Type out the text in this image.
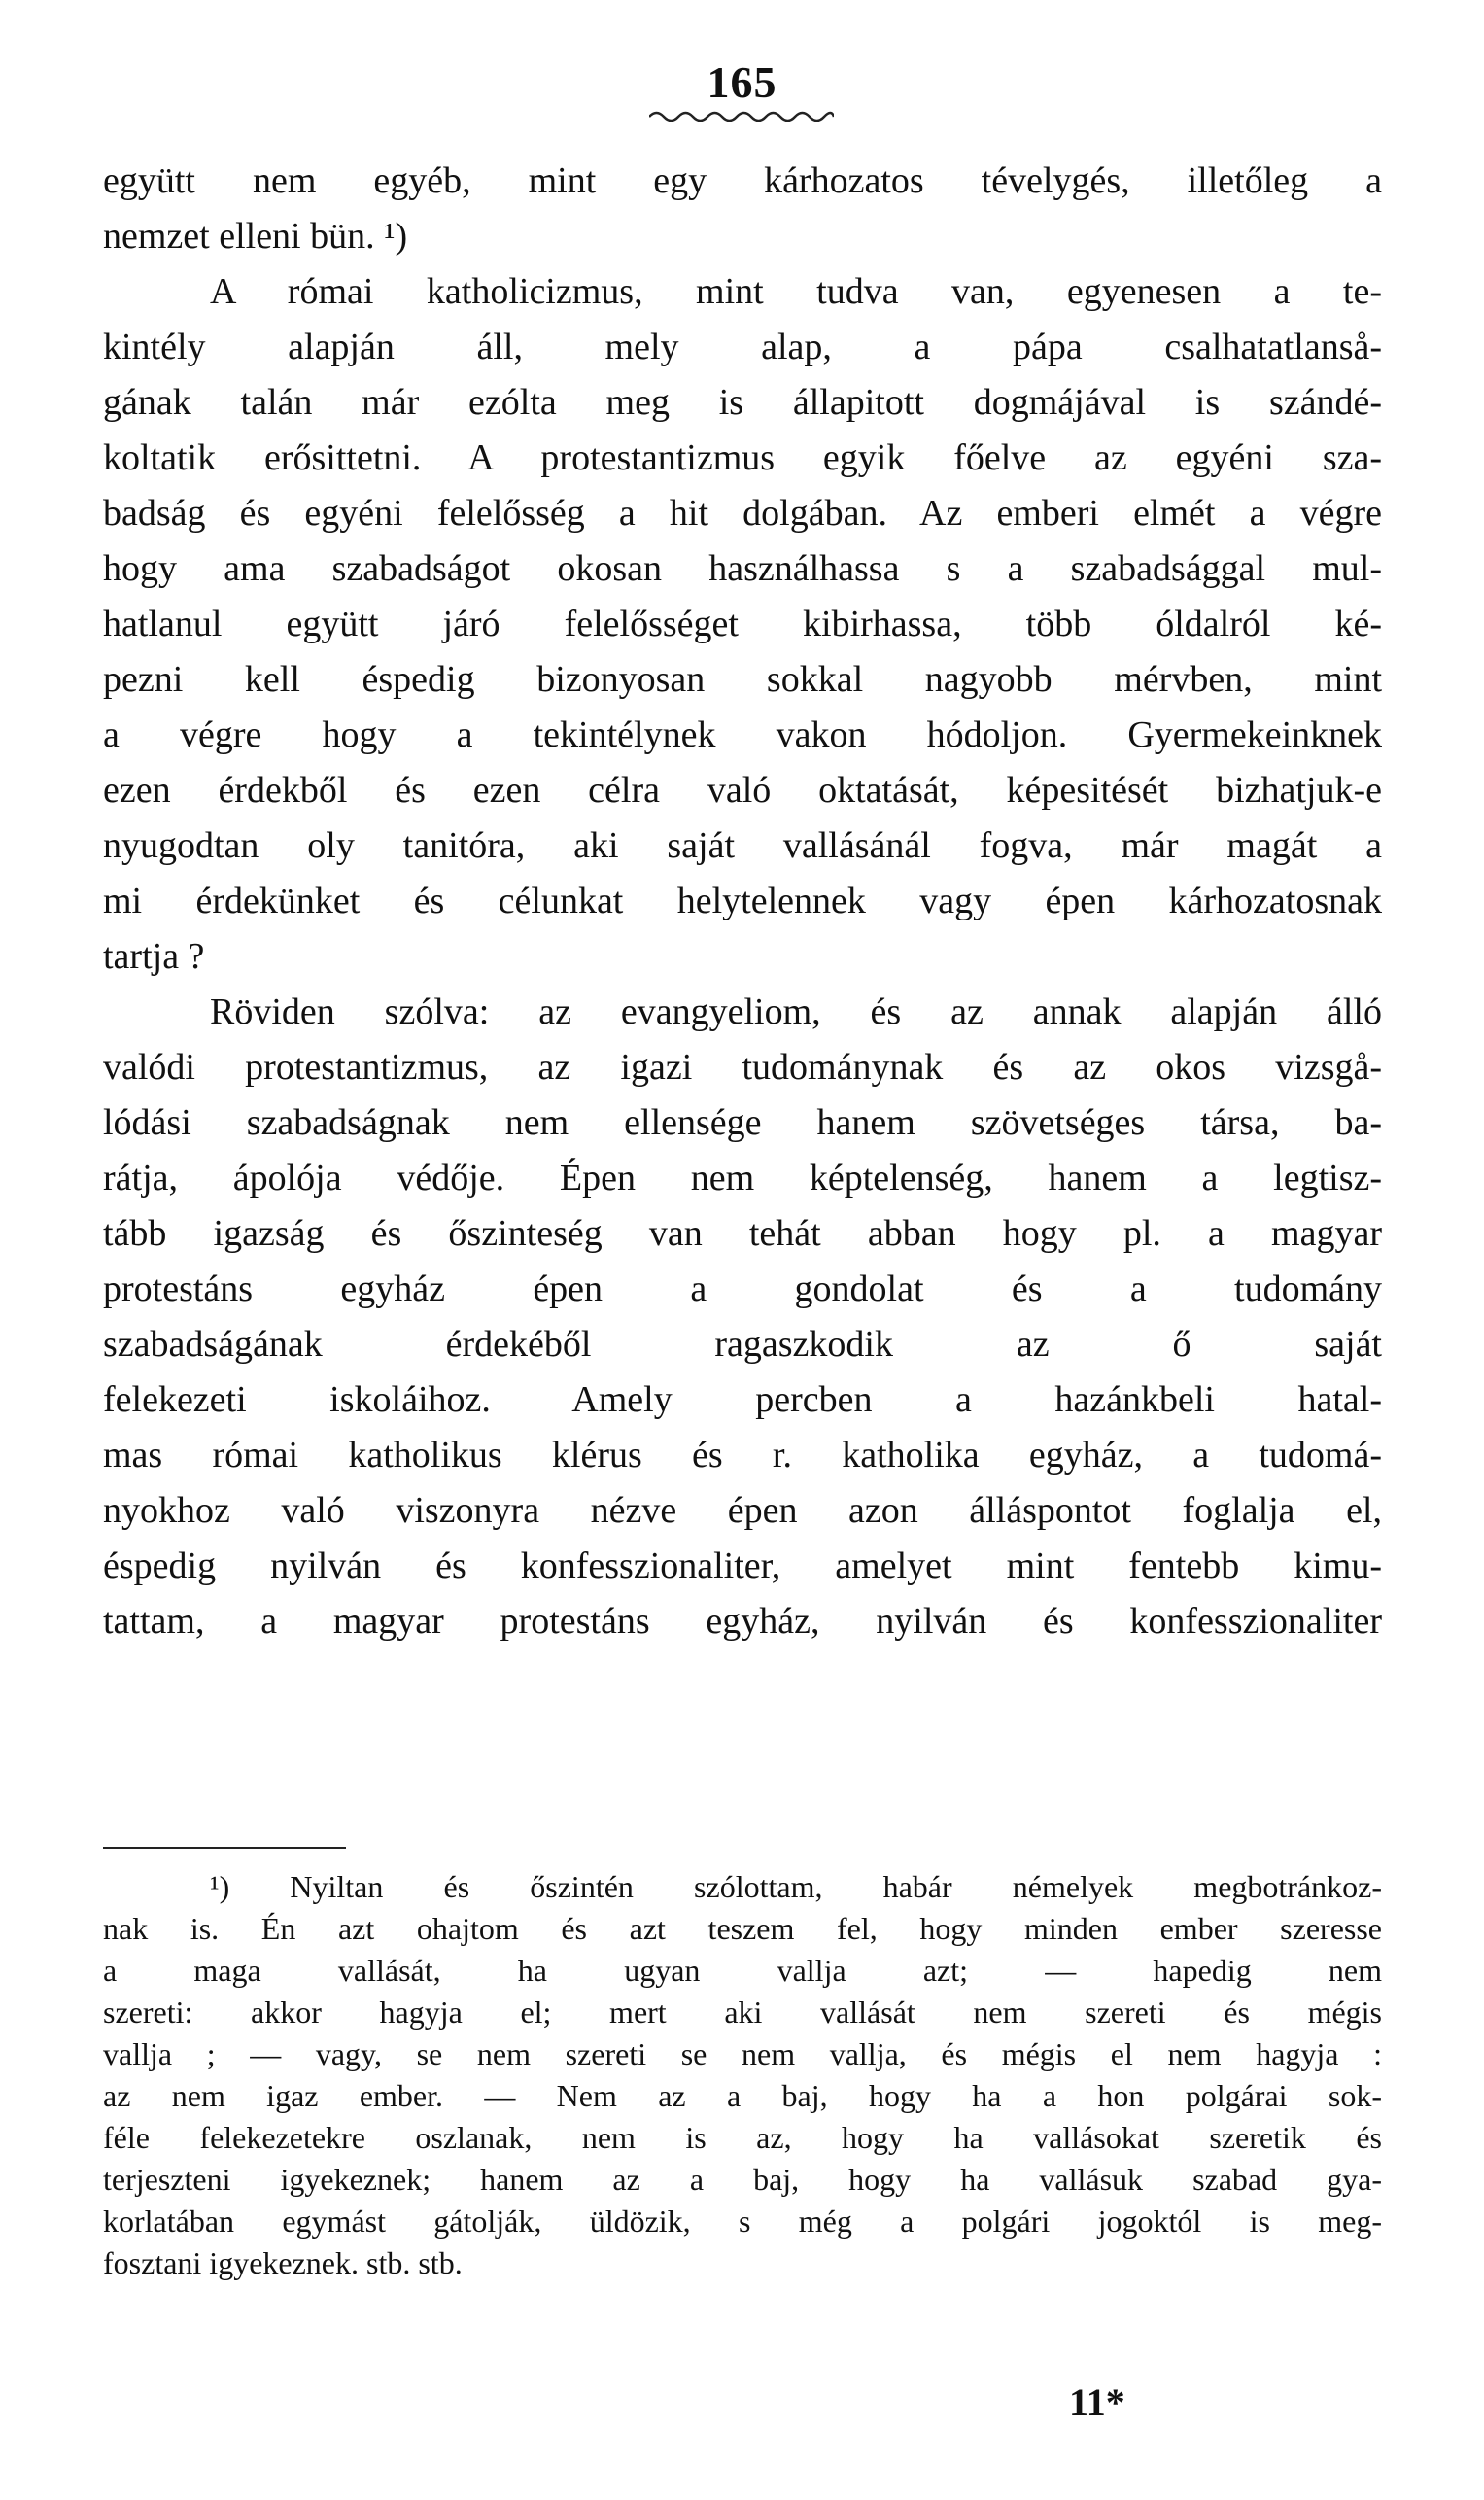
165
együtt nem egyéb, mint egy kárhozatos tévelygés, illetőleg a
nemzet elleni bün. ¹)
A római katholicizmus, mint tudva van, egyenesen a te-
kintély alapján áll, mely alap, a pápa csalhatatlanså-
gának talán már ezólta meg is állapitott dogmájával is szándé-
koltatik erősittetni. A protestantizmus egyik főelve az egyéni sza-
badság és egyéni felelősség a hit dolgában. Az emberi elmét a végre
hogy ama szabadságot okosan használhassa s a szabadsággal mul-
hatlanul együtt járó felelősséget kibirhassa, több óldalról ké-
pezni kell éspedig bizonyosan sokkal nagyobb mérvben, mint
a végre hogy a tekintélynek vakon hódoljon. Gyermekeinknek
ezen érdekből és ezen célra való oktatását, képesitését bizhatjuk-e
nyugodtan oly tanitóra, aki saját vallásánál fogva, már magát a
mi érdekünket és célunkat helytelennek vagy épen kárhozatosnak
tartja ?
Röviden szólva: az evangyeliom, és az annak alapján álló
valódi protestantizmus, az igazi tudománynak és az okos vizsgå-
lódási szabadságnak nem ellensége hanem szövetséges társa, ba-
rátja, ápolója védője. Épen nem képtelenség, hanem a legtisz-
tább igazság és őszinteség van tehát abban hogy pl. a magyar
protestáns egyház épen a gondolat és a tudomány
szabadságának érdekéből ragaszkodik az ő saját
felekezeti iskoláihoz. Amely percben a hazánkbeli hatal-
mas római katholikus klérus és r. katholika egyház, a tudomá-
nyokhoz való viszonyra nézve épen azon álláspontot foglalja el,
éspedig nyilván és konfesszionaliter, amelyet mint fentebb kimu-
tattam, a magyar protestáns egyház, nyilván és konfesszionaliter
¹) Nyiltan és őszintén szólottam, habár némelyek megbotránkoz-
nak is. Én azt ohajtom és azt teszem fel, hogy minden ember szeresse
a maga vallását, ha ugyan vallja azt; — hapedig nem
szereti: akkor hagyja el; mert aki vallását nem szereti és mégis
vallja ; — vagy, se nem szereti se nem vallja, és mégis el nem hagyja :
az nem igaz ember. — Nem az a baj, hogy ha a hon polgárai sok-
féle felekezetekre oszlanak, nem is az, hogy ha vallásokat szeretik és
terjeszteni igyekeznek; hanem az a baj, hogy ha vallásuk szabad gya-
korlatában egymást gátolják, üldözik, s még a polgári jogoktól is meg-
fosztani igyekeznek. stb. stb.
11*
